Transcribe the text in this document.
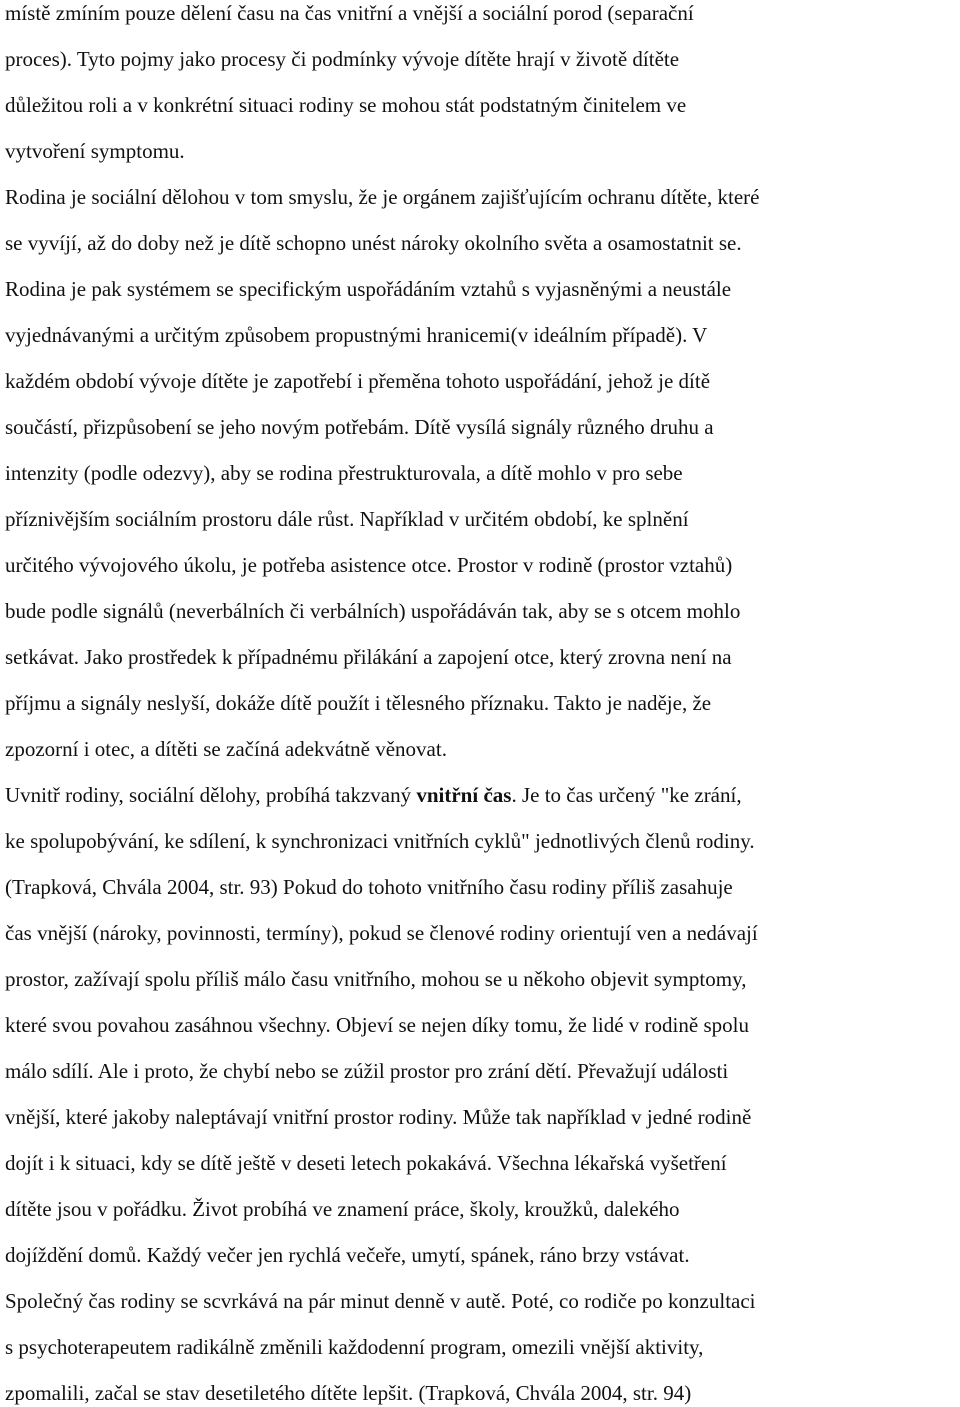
místě zmíním pouze dělení času na čas vnitřní a vnější a sociální porod (separační
proces). Tyto pojmy jako procesy či podmínky vývoje dítěte hrají v životě dítěte
důležitou roli a v konkrétní situaci rodiny se mohou stát podstatným činitelem ve
vytvoření symptomu.
Rodina je sociální dělohou v tom smyslu, že je orgánem zajišťujícím ochranu dítěte, které
se vyvíjí, až do doby než je dítě schopno unést nároky okolního světa a osamostatnit se.
Rodina je pak systémem se specifickým uspořádáním vztahů s vyjasněnými a neustále
vyjednávanými a určitým způsobem propustnými hranicemi(v ideálním případě). V
každém období vývoje dítěte je zapotřebí i přeměna tohoto uspořádání, jehož je dítě
součástí, přizpůsobení se jeho novým potřebám. Dítě vysílá signály různého druhu a
intenzity (podle odezvy), aby se rodina přestrukturovala, a dítě mohlo v pro sebe
příznivějším sociálním prostoru dále růst. Například v určitém období, ke splnění
určitého vývojového úkolu, je potřeba asistence otce. Prostor v rodině (prostor vztahů)
bude podle signálů (neverbálních či verbálních) uspořádáván tak, aby se s otcem mohlo
setkávat. Jako prostředek k případnému přilákání a zapojení otce, který zrovna není na
příjmu a signály neslyší, dokáže dítě použít i tělesného příznaku. Takto je naděje, že
zpozorní i otec, a dítěti se začíná adekvátně věnovat.
Uvnitř rodiny, sociální dělohy, probíhá takzvaný vnitřní čas. Je to čas určený "ke zrání,
ke spolupobývání, ke sdílení, k synchronizaci vnitřních cyklů" jednotlivých členů rodiny.
(Trapková, Chvála 2004, str. 93) Pokud do tohoto vnitřního času rodiny příliš zasahuje
čas vnější (nároky, povinnosti, termíny), pokud se členové rodiny orientují ven a nedávají
prostor, zažívají spolu příliš málo času vnitřního, mohou se u někoho objevit symptomy,
které svou povahou zasáhnou všechny. Objeví se nejen díky tomu, že lidé v rodině spolu
málo sdílí. Ale i proto, že chybí nebo se zúžil prostor pro zrání dětí. Převažují události
vnější, které jakoby naleptávají vnitřní prostor rodiny. Může tak například v jedné rodině
dojít i k situaci, kdy se dítě ještě v deseti letech pokakává. Všechna lékařská vyšetření
dítěte jsou v pořádku. Život probíhá ve znamení práce, školy, kroužků, dalekého
dojíždění domů. Každý večer jen rychlá večeře, umytí, spánek, ráno brzy vstávat.
Společný čas rodiny se scvrkává na pár minut denně v autě. Poté, co rodiče po konzultaci
s psychoterapeutem radikálně změnili každodenní program, omezili vnější aktivity,
zpomalili, začal se stav desetiletého dítěte lepšit. (Trapková, Chvála 2004, str. 94)
